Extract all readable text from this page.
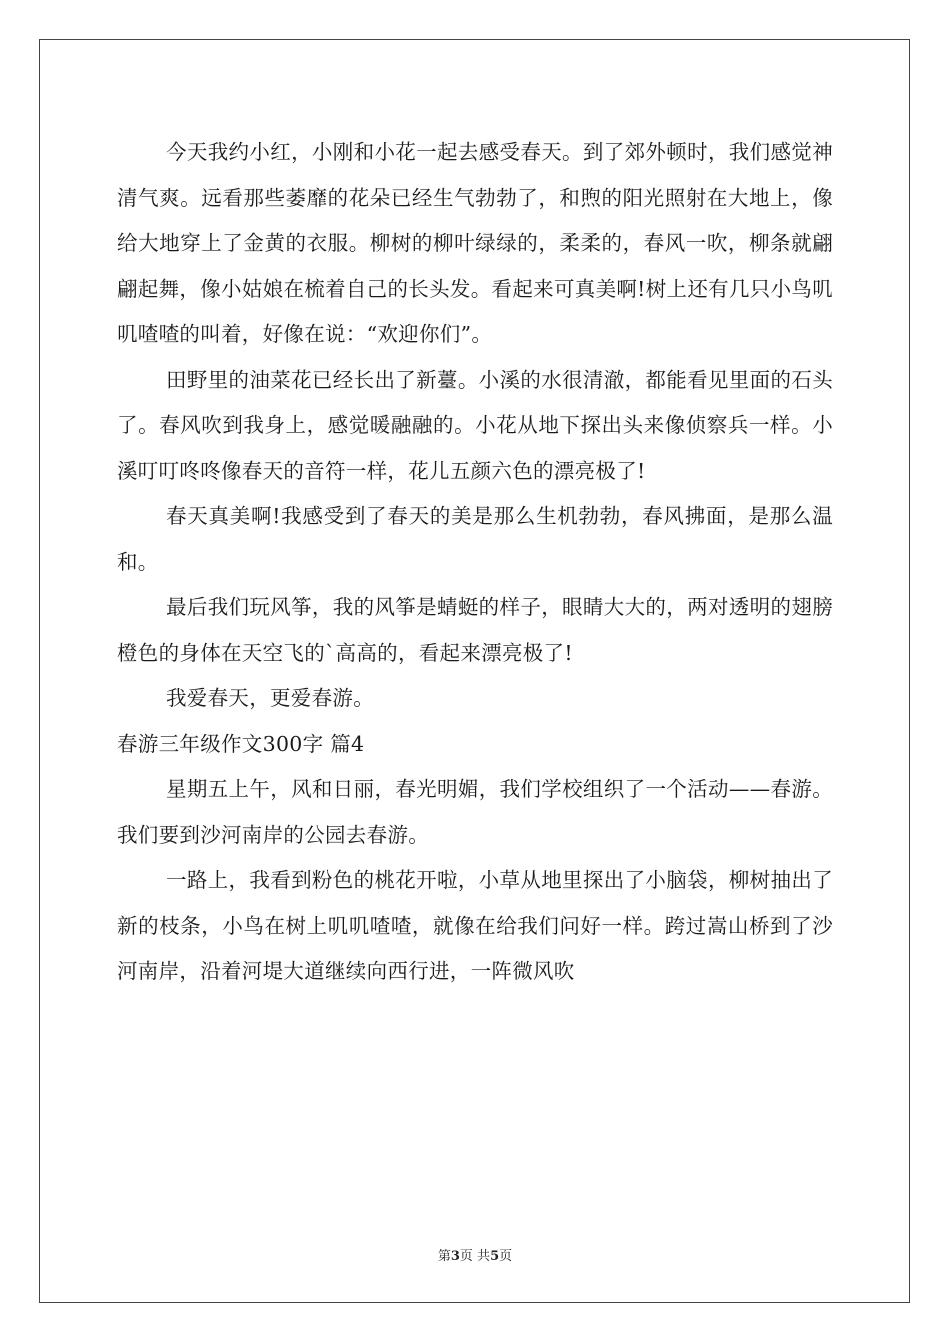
今天我约小红，小刚和小花一起去感受春天。到了郊外顿时，我们感觉神清气爽。远看那些萎靡的花朵已经生气勃勃了，和煦的阳光照射在大地上，像给大地穿上了金黄的衣服。柳树的柳叶绿绿的，柔柔的，春风一吹，柳条就翩翩起舞，像小姑娘在梳着自己的长头发。看起来可真美啊!树上还有几只小鸟叽叽喳喳的叫着，好像在说：“欢迎你们”。

田野里的油菜花已经长出了新薹。小溪的水很清澈，都能看见里面的石头了。春风吹到我身上，感觉暖融融的。小花从地下探出头来像侦察兵一样。小溪叮叮咚咚像春天的音符一样，花儿五颜六色的漂亮极了!

春天真美啊!我感受到了春天的美是那么生机勃勃，春风拂面，是那么温和。

最后我们玩风筝，我的风筝是蜻蜓的样子，眼睛大大的，两对透明的翅膀橙色的身体在天空飞的`高高的，看起来漂亮极了!

我爱春天，更爱春游。

春游三年级作文300字 篇4

星期五上午，风和日丽，春光明媚，我们学校组织了一个活动——春游。我们要到沙河南岸的公园去春游。

一路上，我看到粉色的桃花开啦，小草从地里探出了小脑袋，柳树抽出了新的枝条，小鸟在树上叽叽喳喳，就像在给我们问好一样。跨过嵩山桥到了沙河南岸，沿着河堤大道继续向西行进，一阵微风吹

第3页 共5页
